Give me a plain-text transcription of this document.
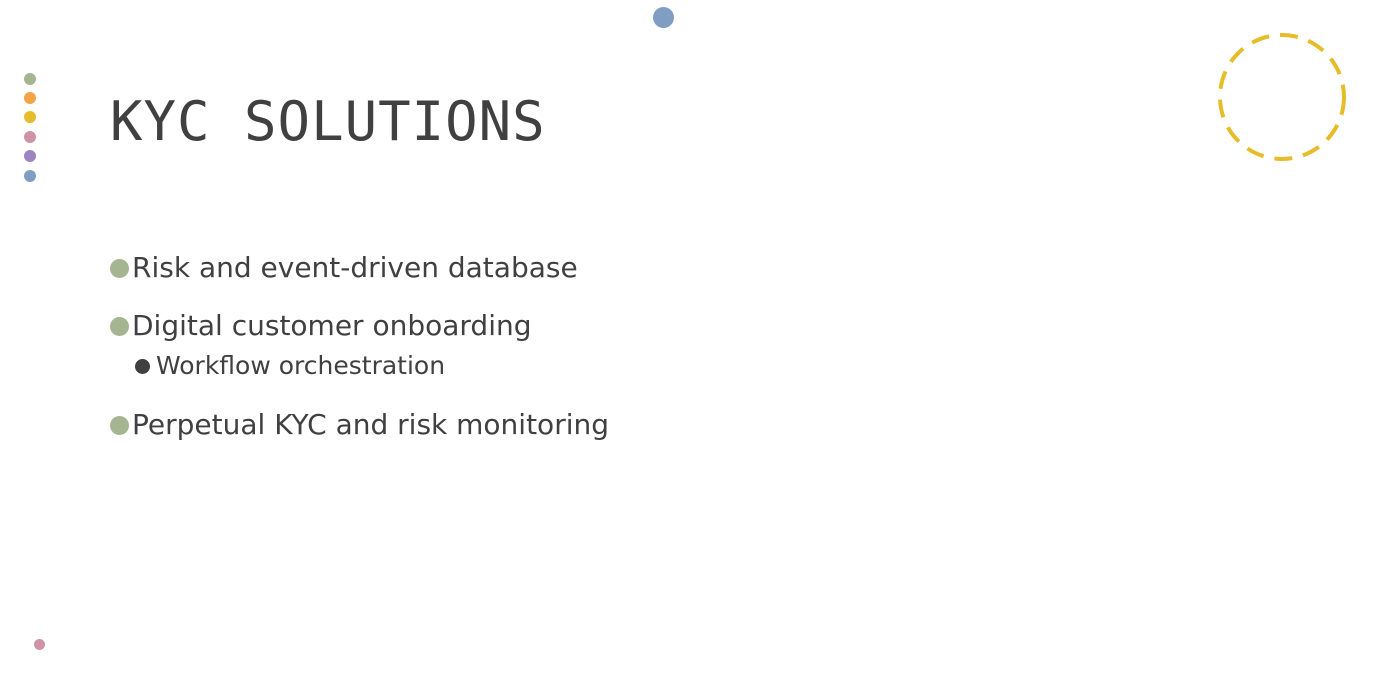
KYC SOLUTIONS
Risk and event-driven database
Digital customer onboarding
Workflow orchestration
Perpetual KYC and risk monitoring
